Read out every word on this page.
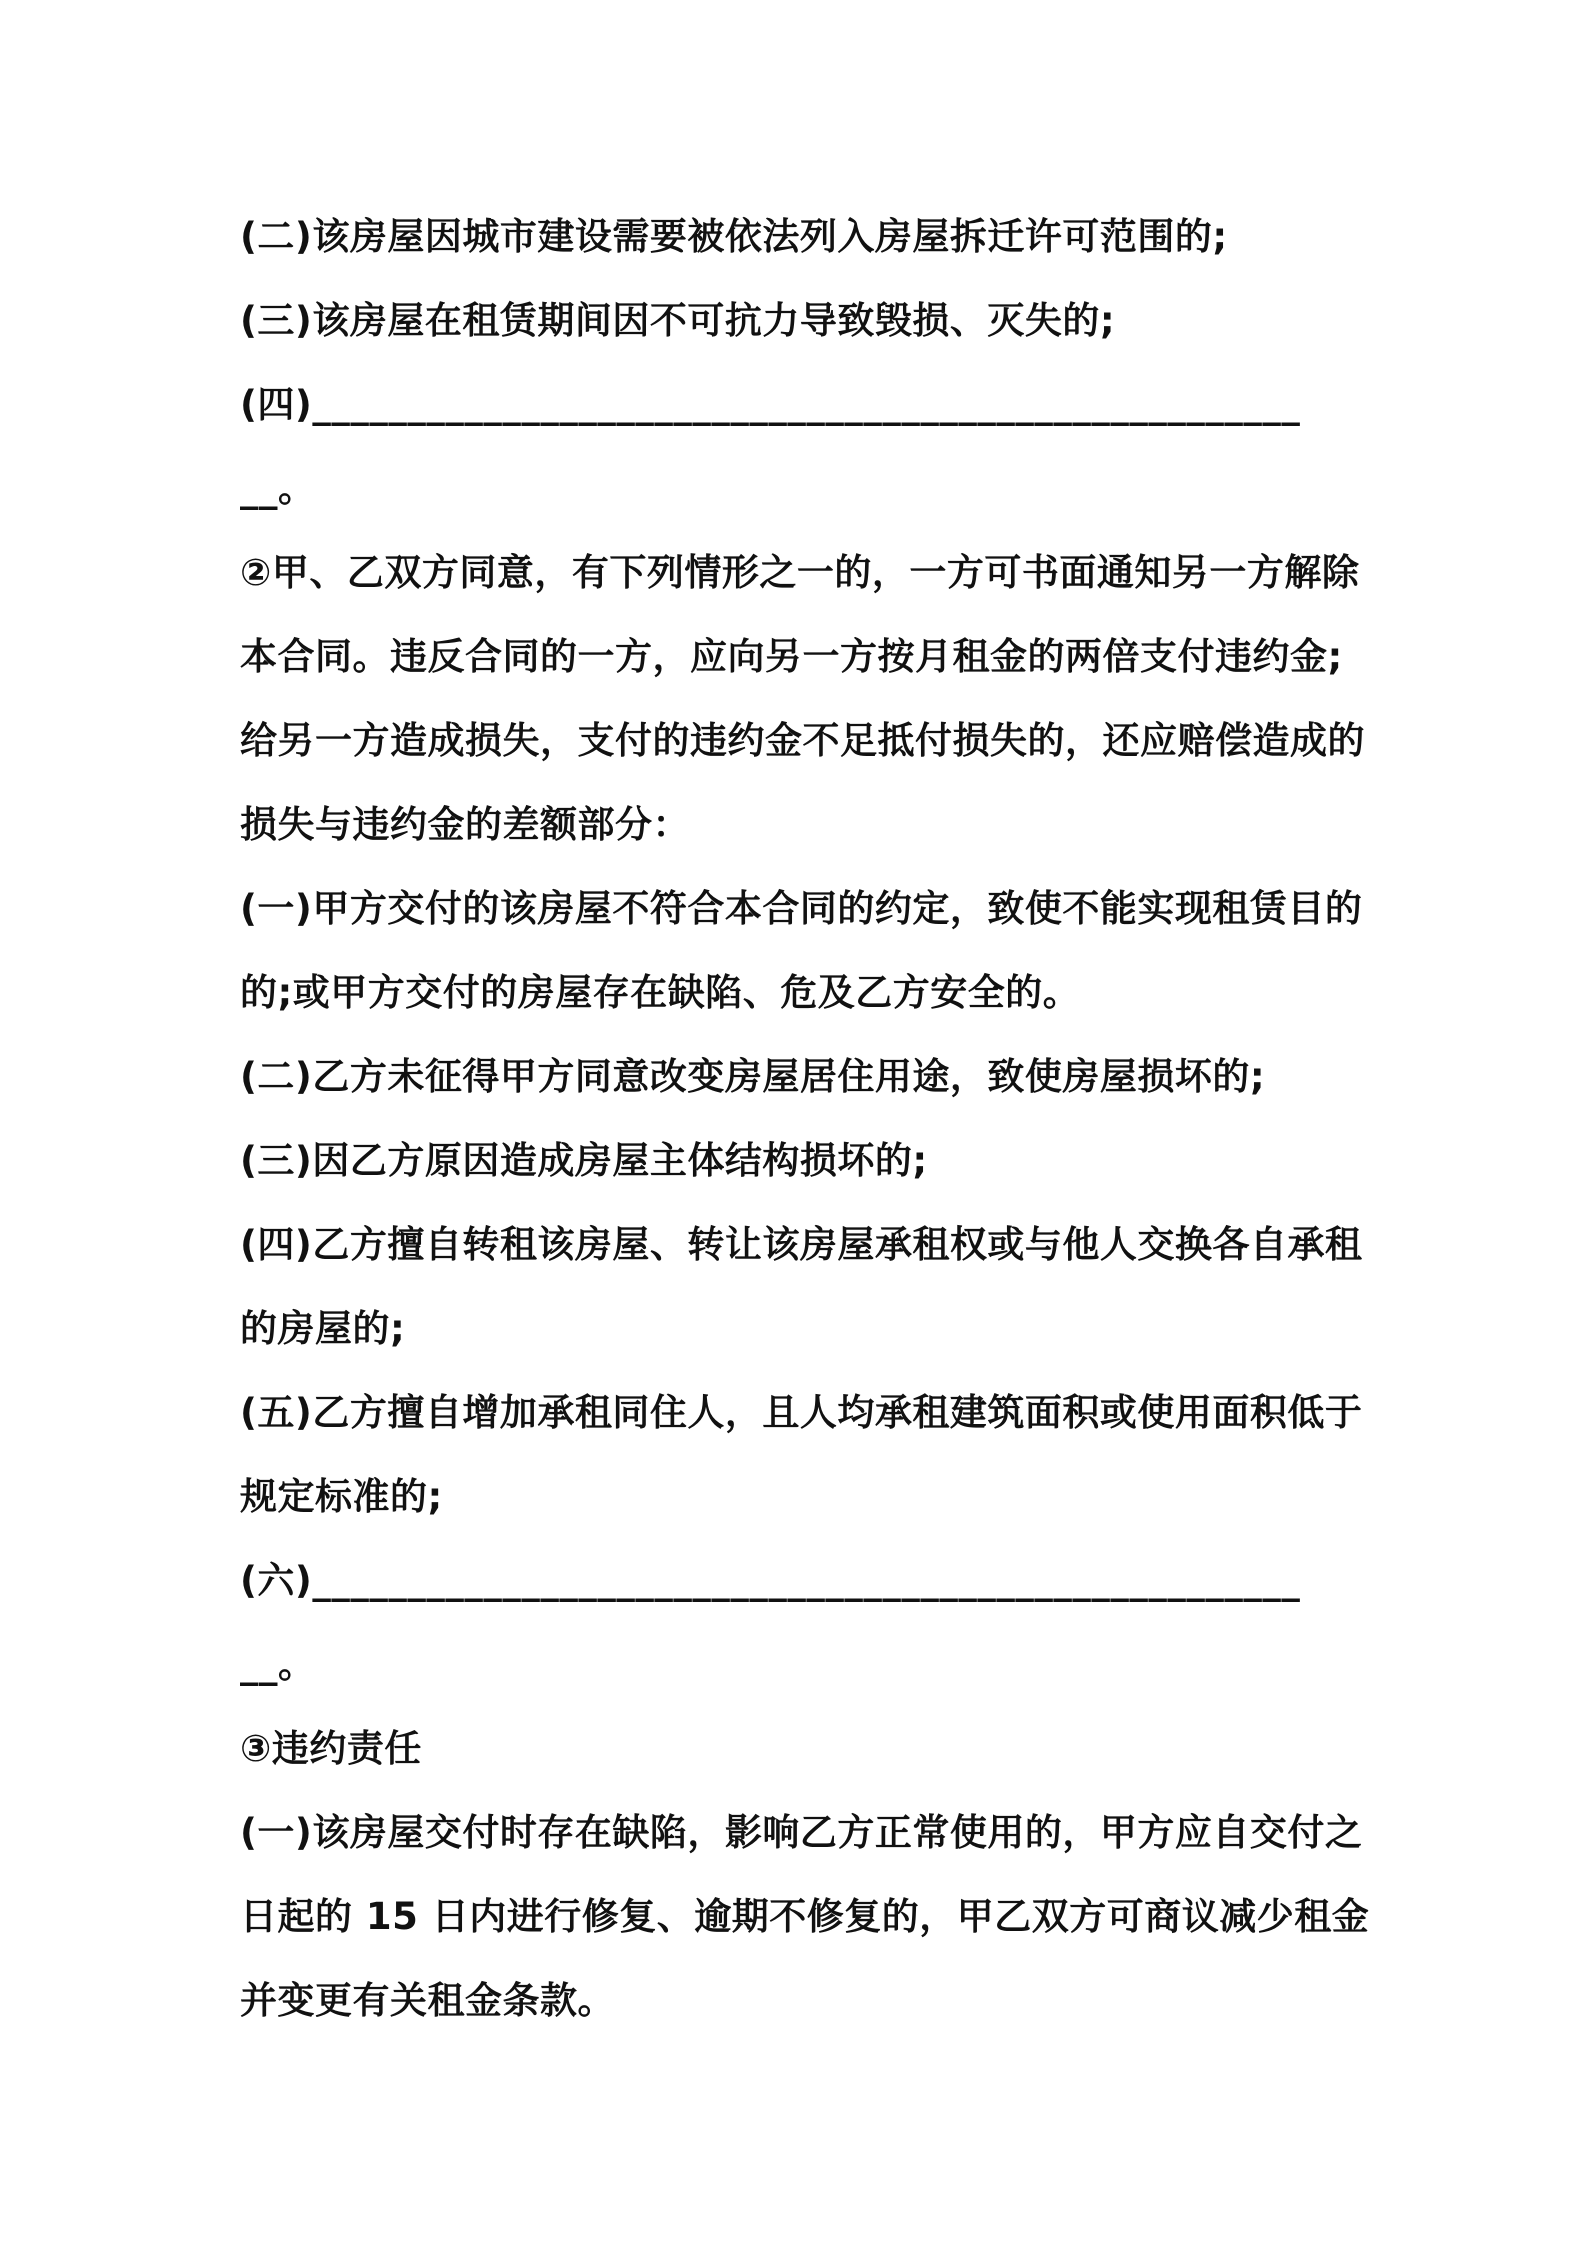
(二)该房屋因城市建设需要被依法列入房屋拆迁许可范围的;
(三)该房屋在租赁期间因不可抗力导致毁损、灭失的;
(四)____________________________________________________
__。
②甲、乙双方同意，有下列情形之一的，一方可书面通知另一方解除
本合同。违反合同的一方，应向另一方按月租金的两倍支付违约金;
给另一方造成损失，支付的违约金不足抵付损失的，还应赔偿造成的
损失与违约金的差额部分：
(一)甲方交付的该房屋不符合本合同的约定，致使不能实现租赁目的
的;或甲方交付的房屋存在缺陷、危及乙方安全的。
(二)乙方未征得甲方同意改变房屋居住用途，致使房屋损坏的;
(三)因乙方原因造成房屋主体结构损坏的;
(四)乙方擅自转租该房屋、转让该房屋承租权或与他人交换各自承租
的房屋的;
(五)乙方擅自增加承租同住人，且人均承租建筑面积或使用面积低于
规定标准的;
(六)____________________________________________________
__。
③违约责任
(一)该房屋交付时存在缺陷，影响乙方正常使用的，甲方应自交付之
日起的 15 日内进行修复、逾期不修复的，甲乙双方可商议减少租金
并变更有关租金条款。
